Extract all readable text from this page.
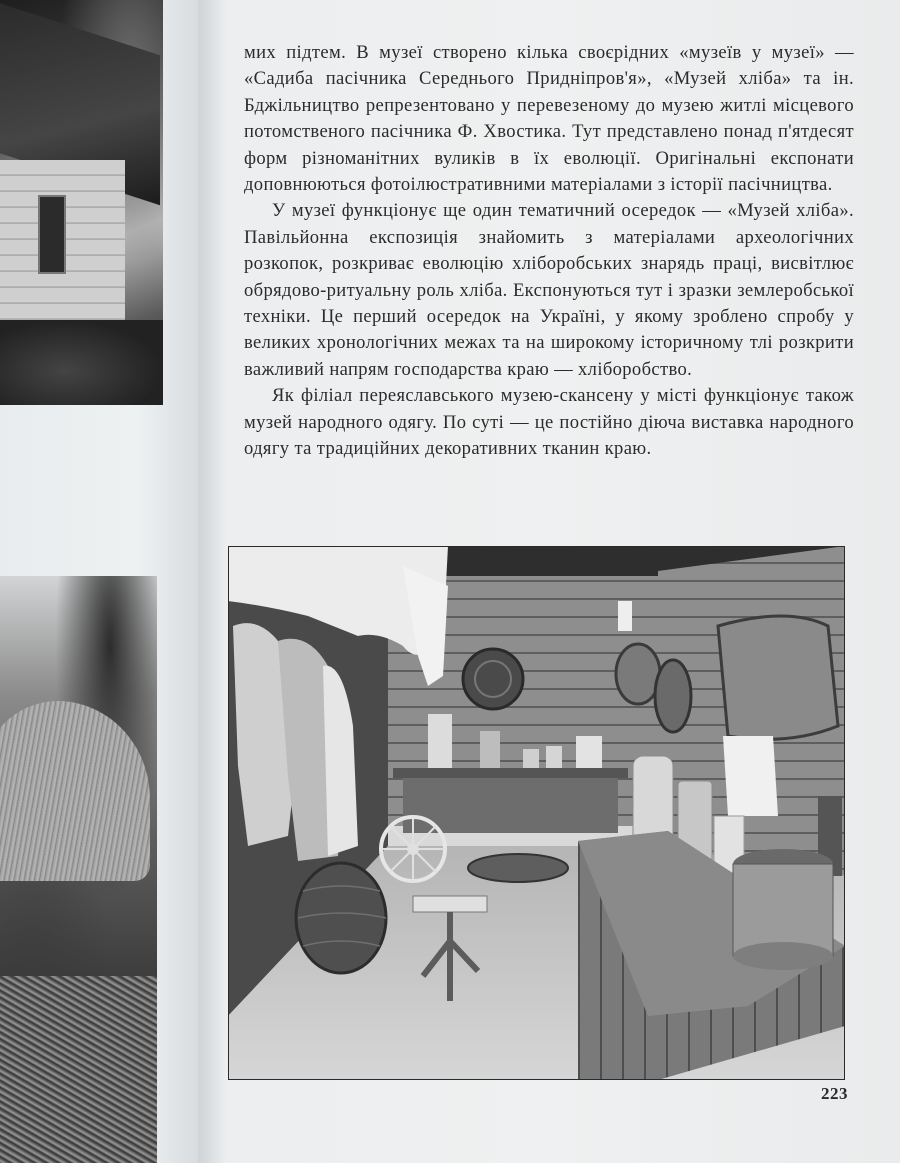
мих підтем. В музеї створено кілька своєрідних «музеїв у музеї» — «Садиба пасічника Середнього Придніпров'я», «Музей хліба» та ін. Бджільництво репрезентовано у перевезеному до музею житлі місцевого потомственого пасічника Ф. Хвостика. Тут представлено понад п'ятдесят форм різноманітних вуликів в їх еволюції. Оригінальні експонати доповнюються фотоілюстративними матеріалами з історії пасічництва.

У музеї функціонує ще один тематичний осередок — «Музей хліба». Павільйонна експозиція знайомить з матеріалами археологічних розкопок, розкриває еволюцію хліборобських знарядь праці, висвітлює обрядово-ритуальну роль хліба. Експонуються тут і зразки землеробської техніки. Це перший осередок на Україні, у якому зроблено спробу у великих хронологічних межах та на широкому історичному тлі розкрити важливий напрям господарства краю — хліборобство.

Як філіал переяславського музею-скансену у місті функціонує також музей народного одягу. По суті — це постійно діюча виставка народного одягу та традиційних декоративних тканин краю.

223
